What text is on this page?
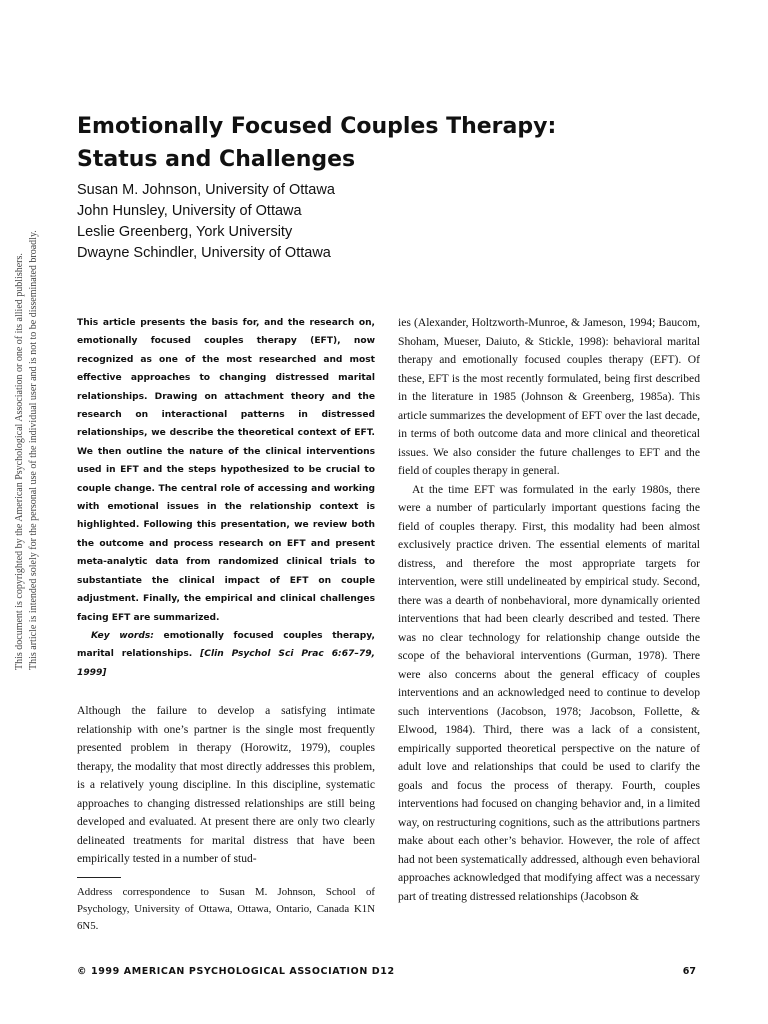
This document is copyrighted by the American Psychological Association or one of its allied publishers. This article is intended solely for the personal use of the individual user and is not to be disseminated broadly.
Emotionally Focused Couples Therapy:
Status and Challenges
Susan M. Johnson, University of Ottawa
John Hunsley, University of Ottawa
Leslie Greenberg, York University
Dwayne Schindler, University of Ottawa

This article presents the basis for, and the research on, emotionally focused couples therapy (EFT), now recognized as one of the most researched and most effective approaches to changing distressed marital relationships. Drawing on attachment theory and the research on interactional patterns in distressed relationships, we describe the theoretical context of EFT. We then outline the nature of the clinical interventions used in EFT and the steps hypothesized to be crucial to couple change. The central role of accessing and working with emotional issues in the relationship context is highlighted. Following this presentation, we review both the outcome and process research on EFT and present meta-analytic data from randomized clinical trials to substantiate the clinical impact of EFT on couple adjustment. Finally, the empirical and clinical challenges facing EFT are summarized.

Key words: emotionally focused couples therapy, marital relationships. [Clin Psychol Sci Prac 6:67–79, 1999]

Although the failure to develop a satisfying intimate relationship with one’s partner is the single most frequently presented problem in therapy (Horowitz, 1979), couples therapy, the modality that most directly addresses this problem, is a relatively young discipline. In this discipline, systematic approaches to changing distressed relationships are still being developed and evaluated. At present there are only two clearly delineated treatments for marital distress that have been empirically tested in a number of stud-

Address correspondence to Susan M. Johnson, School of Psychology, University of Ottawa, Ottawa, Ontario, Canada K1N 6N5.

ies (Alexander, Holtzworth-Munroe, & Jameson, 1994; Baucom, Shoham, Mueser, Daiuto, & Stickle, 1998): behavioral marital therapy and emotionally focused couples therapy (EFT). Of these, EFT is the most recently formulated, being first described in the literature in 1985 (Johnson & Greenberg, 1985a). This article summarizes the development of EFT over the last decade, in terms of both outcome data and more clinical and theoretical issues. We also consider the future challenges to EFT and the field of couples therapy in general.

At the time EFT was formulated in the early 1980s, there were a number of particularly important questions facing the field of couples therapy. First, this modality had been almost exclusively practice driven. The essential elements of marital distress, and therefore the most appropriate targets for intervention, were still undelineated by empirical study. Second, there was a dearth of nonbehavioral, more dynamically oriented interventions that had been clearly described and tested. There was no clear technology for relationship change outside the scope of the behavioral interventions (Gurman, 1978). There were also concerns about the general efficacy of couples interventions and an acknowledged need to continue to develop such interventions (Jacobson, 1978; Jacobson, Follette, & Elwood, 1984). Third, there was a lack of a consistent, empirically supported theoretical perspective on the nature of adult love and relationships that could be used to clarify the goals and focus the process of therapy. Fourth, couples interventions had focused on changing behavior and, in a limited way, on restructuring cognitions, such as the attributions partners make about each other’s behavior. However, the role of affect had not been systematically addressed, although even behavioral approaches acknowledged that modifying affect was a necessary part of treating distressed relationships (Jacobson &

© 1999 AMERICAN PSYCHOLOGICAL ASSOCIATION D12	67
